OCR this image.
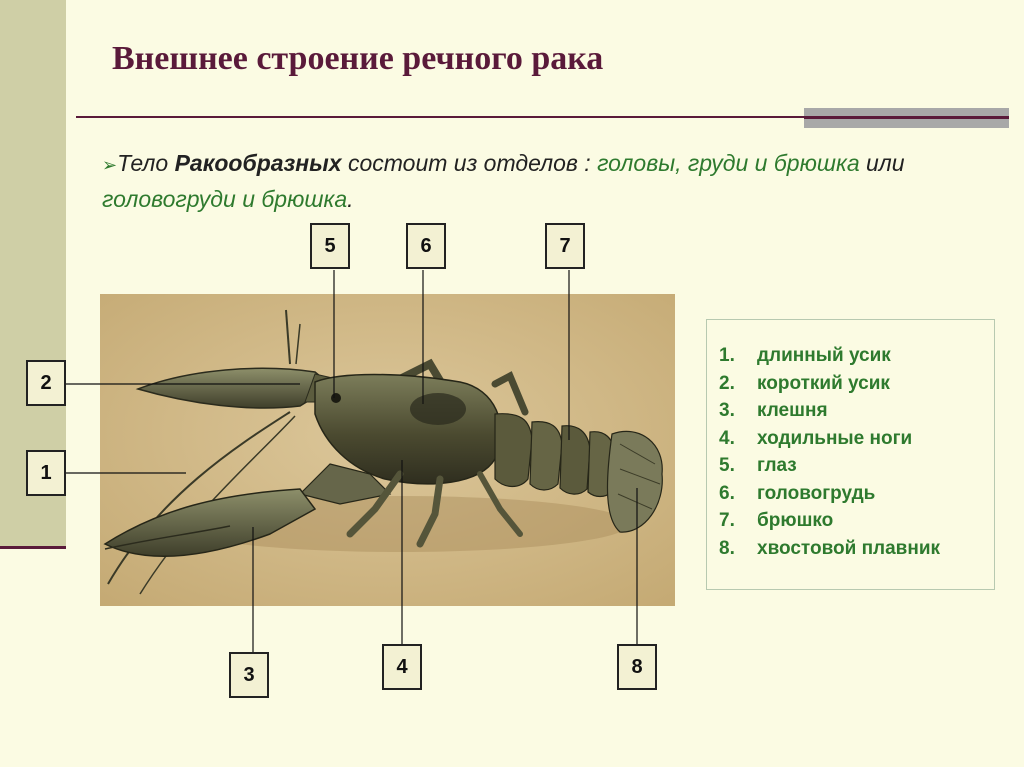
Внешнее строение речного рака
➢Тело Ракообразных состоит из отделов : головы, груди и брюшка или головогруди и брюшка.
2
1
3	4
5	6	7
8
1. длинный усик
2. короткий усик
3. клешня
4. ходильные ноги
5. глаз
6. головогрудь
7. брюшко
8. хвостовой плавник
